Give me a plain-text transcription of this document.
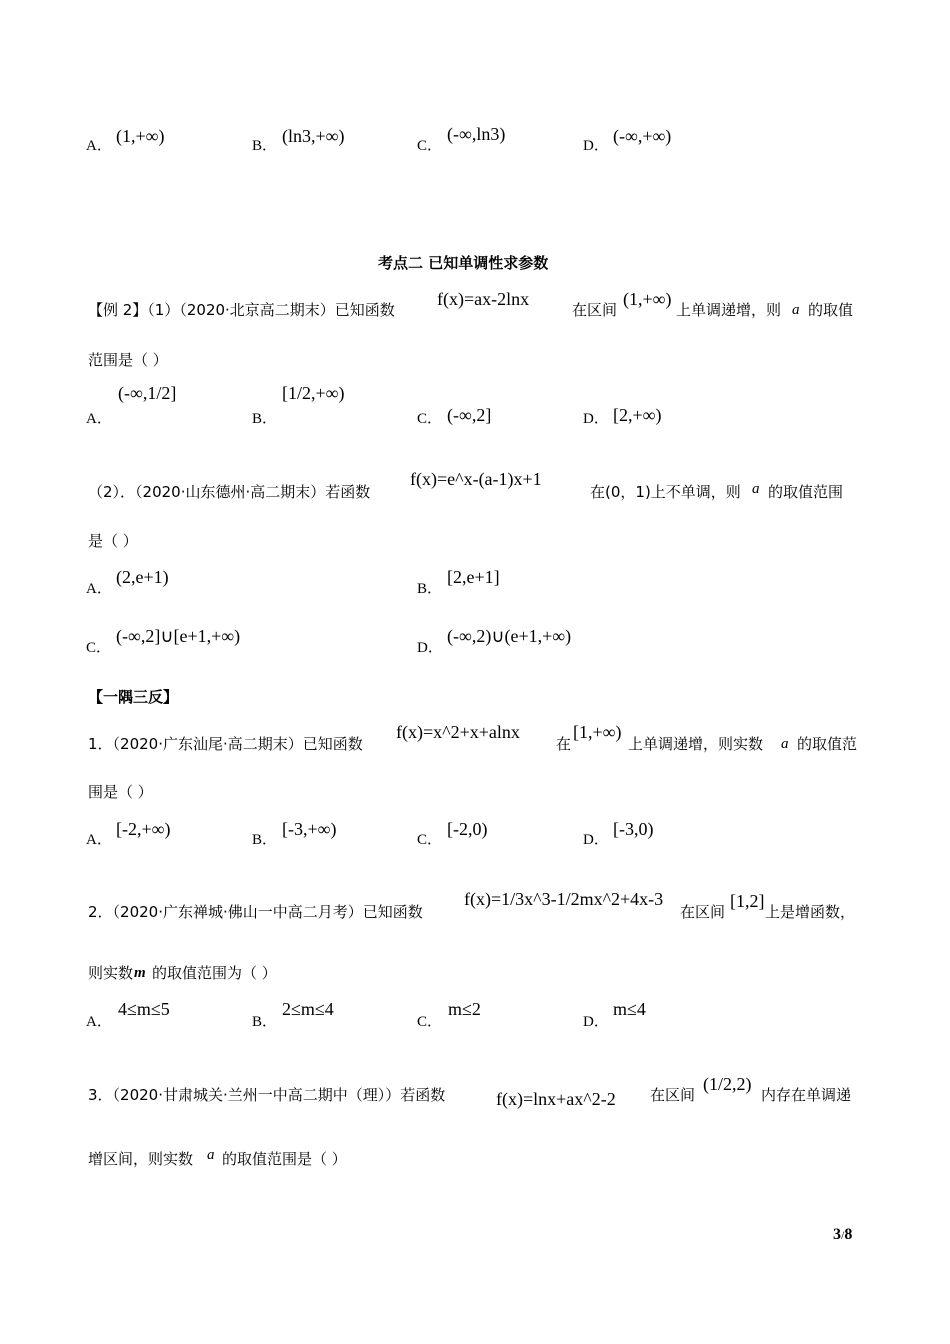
A． (1,+∞)	B． (ln3,+∞)	C．
(-∞,ln3)
D． (-∞,+∞)
考点二 已知单调性求参数
【例 2】（1）（2020·北京高二期末）已知函数
f(x)=ax-2lnx
在区间
(1,+∞)
上单调递增，则 a 的取值
范围是（ ）
A．
(-∞,1/2]
B．
[1/2,+∞)
C． (-∞,2]	D． [2,+∞)
（2）．（2020·山东德州·高二期末）若函数
f(x)=e^x-(a-1)x+1
在(0，1)上不单调，则 a 的取值范围
是（ ）
A．
(2,e+1)
B．
[2,e+1]
C．
(-∞,2]∪[e+1,+∞)
D．
(-∞,2)∪(e+1,+∞)
【一隅三反】
1．（2020·广东汕尾·高二期末）已知函数
f(x)=x^2+x+alnx
在
[1,+∞)
上单调递增，则实数 a 的取值范
围是（ ）
A．
[-2,+∞)
B．
[-3,+∞)
C．
[-2,0)
D．
[-3,0)
2．（2020·广东禅城·佛山一中高二月考）已知函数
f(x)=1/3x^3-1/2mx^2+4x-3
在区间
[1,2]
上是增函数，
则实数 m 的取值范围为（ ）
A．
4≤m≤5
B．
2≤m≤4
C．
m≤2
D．
m≤4
3．（2020·甘肃城关·兰州一中高二期中（理））若函数	f(x)=lnx+ax^2-2 在区间
(1/2,2)
内存在单调递
增区间，则实数 a 的取值范围是（ ）
3/8
